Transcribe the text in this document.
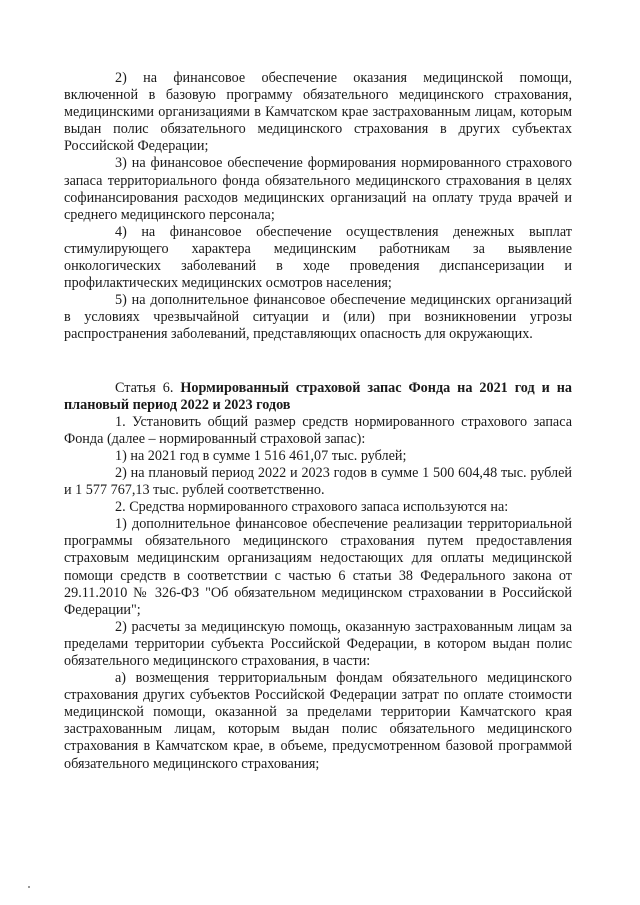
2) на финансовое обеспечение оказания медицинской помощи, включенной в базовую программу обязательного медицинского страхования, медицинскими организациями в Камчатском крае застрахованным лицам, которым выдан полис обязательного медицинского страхования в других субъектах Российской Федерации;

3) на финансовое обеспечение формирования нормированного страхового запаса территориального фонда обязательного медицинского страхования в целях софинансирования расходов медицинских организаций на оплату труда врачей и среднего медицинского персонала;

4) на финансовое обеспечение осуществления денежных выплат стимулирующего характера медицинским работникам за выявление онкологических заболеваний в ходе проведения диспансеризации и профилактических медицинских осмотров населения;

5) на дополнительное финансовое обеспечение медицинских организаций в условиях чрезвычайной ситуации и (или) при возникновении угрозы распространения заболеваний, представляющих опасность для окружающих.

Статья 6. Нормированный страховой запас Фонда на 2021 год и на плановый период 2022 и 2023 годов

1. Установить общий размер средств нормированного страхового запаса Фонда (далее – нормированный страховой запас):

1) на 2021 год в сумме 1 516 461,07 тыс. рублей;

2) на плановый период 2022 и 2023 годов в сумме 1 500 604,48 тыс. рублей и 1 577 767,13 тыс. рублей соответственно.

2. Средства нормированного страхового запаса используются на:

1) дополнительное финансовое обеспечение реализации территориальной программы обязательного медицинского страхования путем предоставления страховым медицинским организациям недостающих для оплаты медицинской помощи средств в соответствии с частью 6 статьи 38 Федерального закона от 29.11.2010 № 326-ФЗ "Об обязательном медицинском страховании в Российской Федерации";

2) расчеты за медицинскую помощь, оказанную застрахованным лицам за пределами территории субъекта Российской Федерации, в котором выдан полис обязательного медицинского страхования, в части:

а) возмещения территориальным фондам обязательного медицинского страхования других субъектов Российской Федерации затрат по оплате стоимости медицинской помощи, оказанной за пределами территории Камчатского края застрахованным лицам, которым выдан полис обязательного медицинского страхования в Камчатском крае, в объеме, предусмотренном базовой программой обязательного медицинского страхования;
